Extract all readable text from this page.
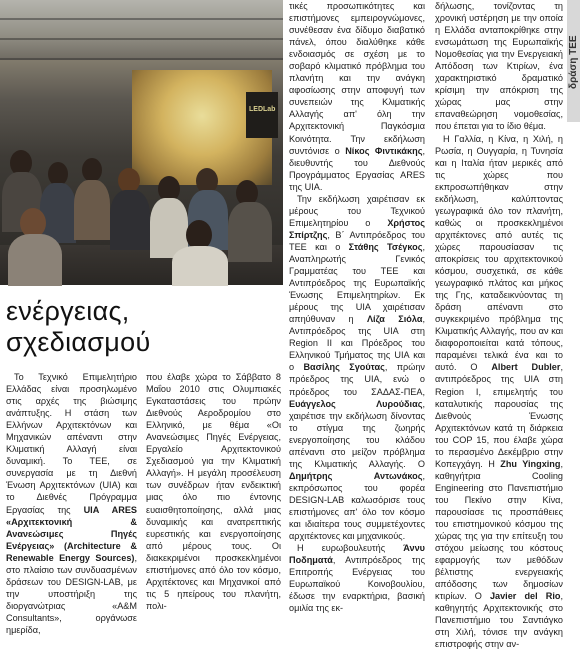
LEDLab
ενέργειας,
σχεδιασμού

Το Τεχνικό Επιμελητήριο Ελλάδας είναι προσηλωμένο στις αρχές της βιώσιμης ανάπτυξης. Η στάση των Ελλήνων Αρχιτεκτόνων και Μηχανικών απέναντι στην Κλιματική Αλλαγή είναι δυναμική. Το ΤΕΕ, σε συνεργασία με τη Διεθνή Ένωση Αρχιτεκτόνων (UIA) και το Διεθνές Πρόγραμμα Εργασίας της UIA ARES «Αρχιτεκτονική & Ανανεώσιμες Πηγές Ενέργειας» (Architecture & Renewable Energy Sources), στο πλαίσιο των συνδυασμένων δράσεων του DESIGN-LAB, με την υποστήριξη της διοργανώτριας «A&M Consultants», οργάνωσε ημερίδα,

που έλαβε χώρα το Σάββατο 8 Μαΐου 2010 στις Ολυμπιακές Εγκαταστάσεις του πρώην Διεθνούς Αεροδρομίου στο Ελληνικό, με θέμα «Οι Ανανεώσιμες Πηγές Ενέργειας, Εργαλείο Αρχιτεκτονικού Σχεδιασμού για την Κλιματική Αλλαγή». Η μεγάλη προσέλευση των συνέδρων ήταν ενδεικτική μιας όλο πιο έντονης ευαισθητοποίησης, αλλά μιας δυναμικής και ανατρεπτικής ευρεστικής και ενεργοποίησης από μέρους τους. Οι διακεκριμένοι προσκεκλημένοι επιστήμονες από όλο τον κόσμο, Αρχιτέκτονες και Μηχανικοί από τις 5 ηπείρους του πλανήτη, πολι-

τικές προσωπικότητες και επιστήμονες εμπειρογνώμονες, συνέθεσαν ένα δίδυμο διαβατικό πάνελ, όπου διαλύθηκε κάθε ενδοιασμός σε σχέση με το σοβαρό κλιματικό πρόβλημα του πλανήτη και την ανάγκη αφοσίωσης στην αποφυγή των συνεπειών της Κλιματικής Αλλαγής απ' όλη την Αρχιτεκτονική Παγκόσμια Κοινότητα. Την εκδήλωση συντόνισε ο Νίκος Φιντικάκης, διευθυντής του Διεθνούς Προγράμματος Εργασίας ARES της UIA.

Την εκδήλωση χαιρέτισαν εκ μέρους του Τεχνικού Επιμελητηρίου ο Χρήστος Σπίρτζης, Β΄ Αντιπρόεδρος του ΤΕΕ και ο Στάθης Τσέγκος, Αναπληρωτής Γενικός Γραμματέας του ΤΕΕ και Αντιπρόεδρος της Ευρωπαϊκής Ένωσης Επιμελητηρίων. Εκ μέρους της UIA χαιρέτισαν απηύθυναν η Λίζα Σιόλα, Αντιπρόεδρος της UIA στη Region II και Πρόεδρος του Ελληνικού Τμήματος της UIA και ο Βασίλης Σγούτας, πρώην πρόεδρος της UIA, ενώ ο πρόεδρος του ΣΑΔΑΣ-ΠΕΑ, Ευάγγελος Λυρούδιας, χαιρέτισε την εκδήλωση δίνοντας το στίγμα της ζωηρής ενεργοποίησης του κλάδου απέναντι στο μείζον πρόβλημα της Κλιματικής Αλλαγής. Ο Δημήτρης Αντωνάκος, εκπρόσωπος του φορέα DESIGN-LAB καλωσόρισε τους επιστήμονες απ' όλο τον κόσμο και ιδιαίτερα τους συμμετέχοντες αρχιτέκτονες και μηχανικούς.

Η ευρωβουλευτής Άννυ Ποδηματά, Αντιπρόεδρος της Επιτροπής Ενέργειας του Ευρωπαϊκού Κοινοβουλίου, έδωσε την εναρκτήρια, βασική ομιλία της εκ-

δήλωσης, τονίζοντας τη χρονική υστέρηση με την οποία η Ελλάδα ανταποκρίθηκε στην ενσωμάτωση της Ευρωπαϊκής Νομοθεσίας για την Ενεργειακή Απόδοση των Κτιρίων, ένα χαρακτηριστικό δραματικό κρίσιμη την απόκριση της χώρας μας στην επαναθεώρηση νομοθεσίας, που έπεται για το ίδιο θέμα.

Η Γαλλία, η Κίνα, η Χιλή, η Ρωσία, η Ουγγαρία, η Τυνησία και η Ιταλία ήταν μερικές από τις χώρες που εκπροσωπήθηκαν στην εκδήλωση, καλύπτοντας γεωγραφικά όλο τον πλανήτη, καθώς οι προσκεκλημένοι αρχιτέκτονες από αυτές τις χώρες παρουσίασαν τις αποκρίσεις του αρχιτεκτονικού κόσμου, συσχετικά, σε κάθε γεωγραφικό πλάτος και μήκος της Γης, καταδεικνύοντας τη δράση απέναντι στο συγκεκριμένο πρόβλημα της Κλιματικής Αλλαγής, που αν και διαφοροποιείται κατά τόπους, παραμένει τελικά ένα και το αυτό. Ο Albert Dubler, αντιπρόεδρος της UIA στη Region I, επιμελητής του καταλυτικής παρουσίας της Διεθνούς Ένωσης Αρχιτεκτόνων κατά τη διάρκεια του COP 15, που έλαβε χώρα το περασμένο Δεκέμβριο στην Κοπεγχάγη. Η Zhu Yingxing, καθηγήτρια Cooling Engineering στο Πανεπιστήμιο του Πεκίνο στην Κίνα, παρουσίασε τις προσπάθειες του επιστημονικού κόσμου της χώρας της για την επίτευξη του στόχου μείωσης του κόστους εφαρμογής των μεθόδων βέλτιστης ενεργειακής απόδοσης των δημοσίων κτιρίων. Ο Javier del Rio, καθηγητής Αρχιτεκτονικής στο Πανεπιστήμιο του Σαντιάγκο στη Χιλή, τόνισε την ανάγκη επιστροφής στην αν-

δράση ΤΕΕ
